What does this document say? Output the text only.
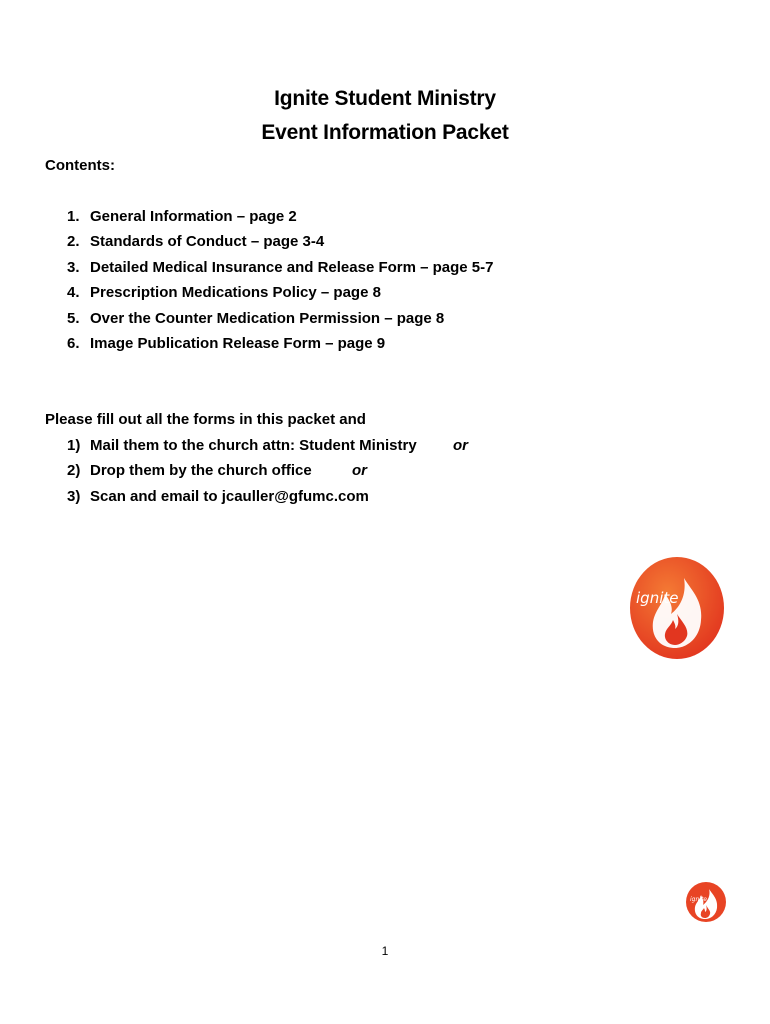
Ignite Student Ministry
Event Information Packet
Contents:
1. General Information – page 2
2. Standards of Conduct – page 3-4
3. Detailed Medical Insurance and Release Form – page 5-7
4. Prescription Medications Policy – page 8
5. Over the Counter Medication Permission – page 8
6. Image Publication Release Form – page 9
Please fill out all the forms in this packet and
1) Mail them to the church attn: Student Ministry or
2) Drop them by the church office	or
3) Scan and email to jcauller@gfumc.com
ignite
ignite
1
